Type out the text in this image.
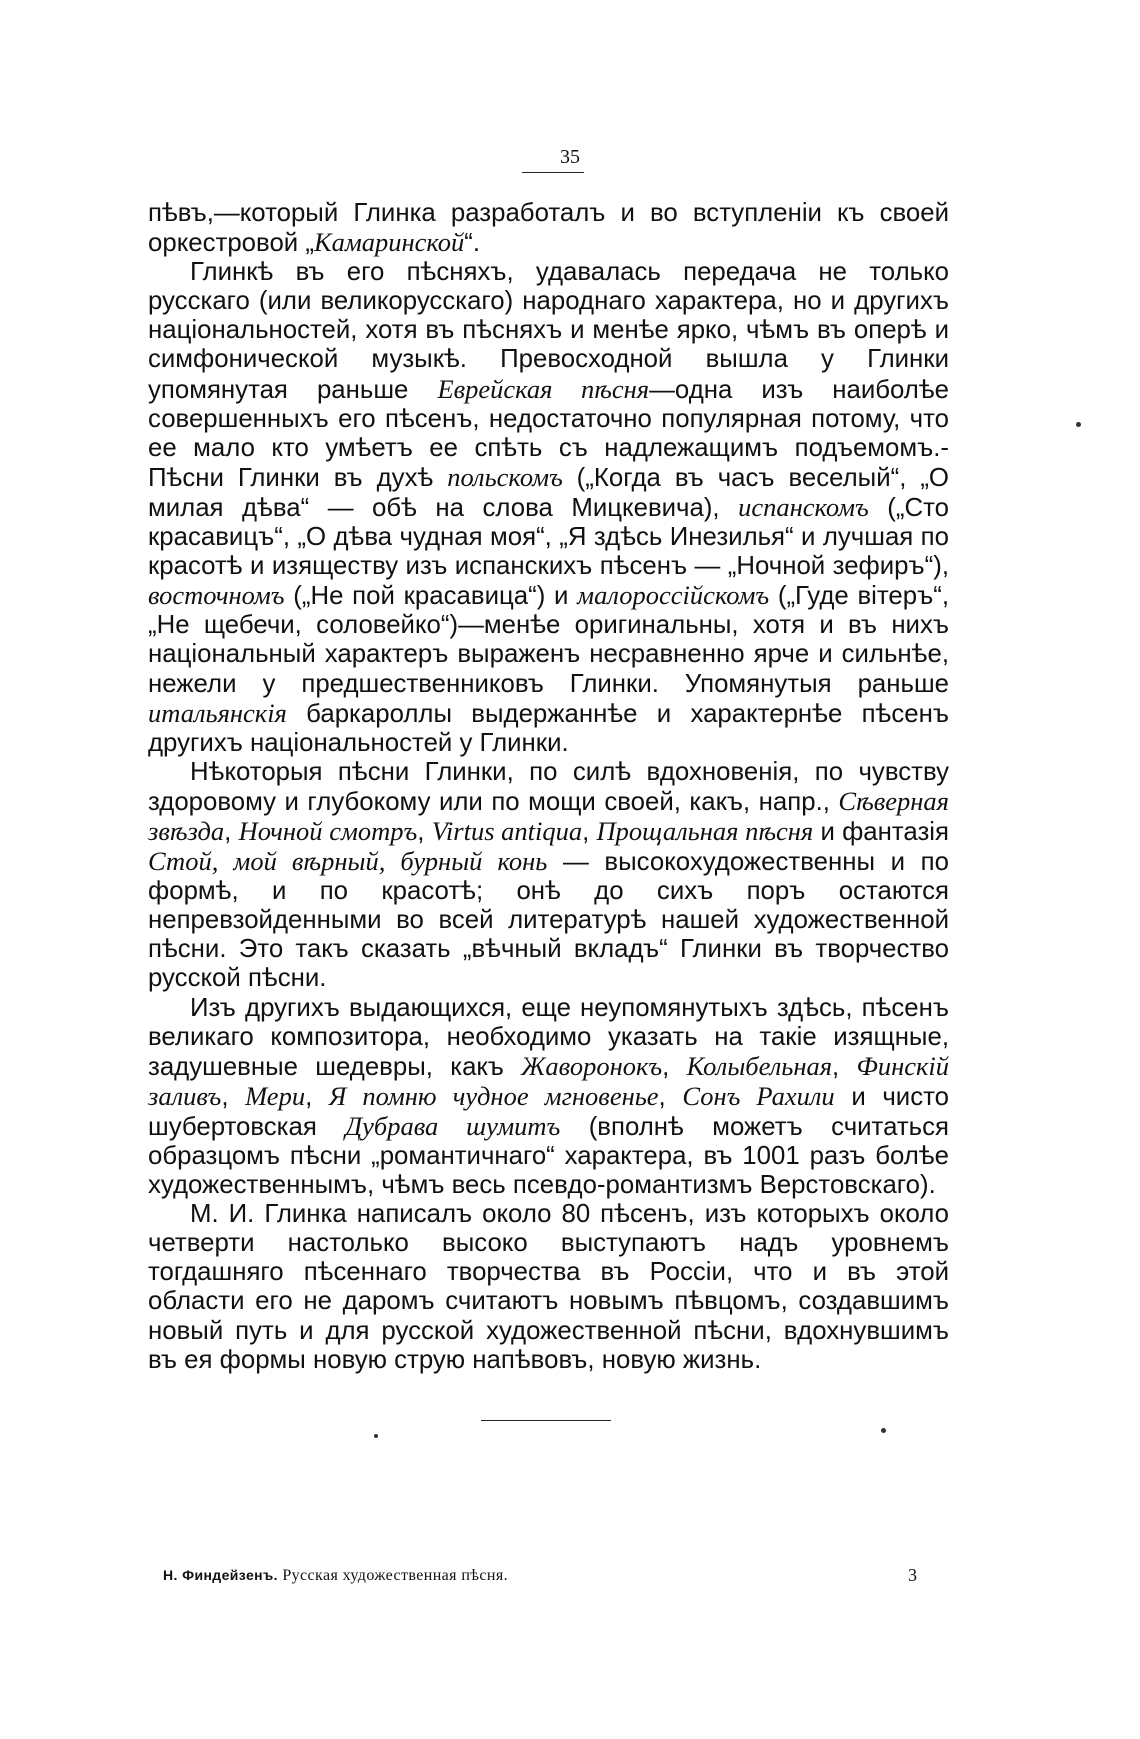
35

пѣвъ,—который Глинка разработалъ и во вступленіи къ своей оркестровой „Камаринской“.

Глинкѣ въ его пѣсняхъ, удавалась передача не только русскаго (или великорусскаго) народнаго характера, но и другихъ національностей, хотя въ пѣсняхъ и менѣе ярко, чѣмъ въ оперѣ и симфонической музыкѣ. Превосходной вышла у Глинки упомянутая раньше Еврейская пѣсня—одна изъ наиболѣе совершенныхъ его пѣсенъ, недостаточно популярная потому, что ее мало кто умѣетъ ее спѣть съ надлежащимъ подъемомъ.- Пѣсни Глинки въ духѣ польскомъ („Когда въ часъ веселый“, „О милая дѣва“ — обѣ на слова Мицкевича), испанскомъ („Сто красавицъ“, „О дѣва чудная моя“, „Я здѣсь Инезилья“ и лучшая по красотѣ и изяществу изъ испанскихъ пѣсенъ — „Ночной зефиръ“), восточномъ („Не пой красавица“) и малороссійскомъ („Гуде вітеръ“, „Не щебечи, соловейко“)—менѣе оригинальны, хотя и въ нихъ національный характеръ выраженъ несравненно ярче и сильнѣе, нежели у предшественниковъ Глинки. Упомянутыя раньше итальянскія баркароллы выдержаннѣе и характернѣе пѣсенъ другихъ національностей у Глинки.

Нѣкоторыя пѣсни Глинки, по силѣ вдохновенія, по чувству здоровому и глубокому или по мощи своей, какъ, напр., Сѣверная звѣзда, Ночной смотръ, Virtus antiqua, Прощальная пѣсня и фантазія Стой, мой вѣрный, бурный конь — высокохудожественны и по формѣ, и по красотѣ; онѣ до сихъ поръ остаются непревзойденными во всей литературѣ нашей художественной пѣсни. Это такъ сказать „вѣчный вкладъ“ Глинки въ творчество русской пѣсни.

Изъ другихъ выдающихся, еще неупомянутыхъ здѣсь, пѣсенъ великаго композитора, необходимо указать на такіе изящные, задушевные шедевры, какъ Жаворонокъ, Колыбельная, Финскій заливъ, Мери, Я помню чудное мгновенье, Сонъ Рахили и чисто шубертовская Дубрава шумитъ (вполнѣ можетъ считаться образцомъ пѣсни „романтичнаго“ характера, въ 1001 разъ болѣе художественнымъ, чѣмъ весь псевдо-романтизмъ Верстовскаго).

М. И. Глинка написалъ около 80 пѣсенъ, изъ которыхъ около четверти настолько высоко выступаютъ надъ уровнемъ тогдашняго пѣсеннаго творчества въ Россіи, что и въ этой области его не даромъ считаютъ новымъ пѣвцомъ, создавшимъ новый путь и для русской художественной пѣсни, вдохнувшимъ въ ея формы новую струю напѣвовъ, новую жизнь.

Н. Финдейзенъ. Русская художественная пѣсня.	3
